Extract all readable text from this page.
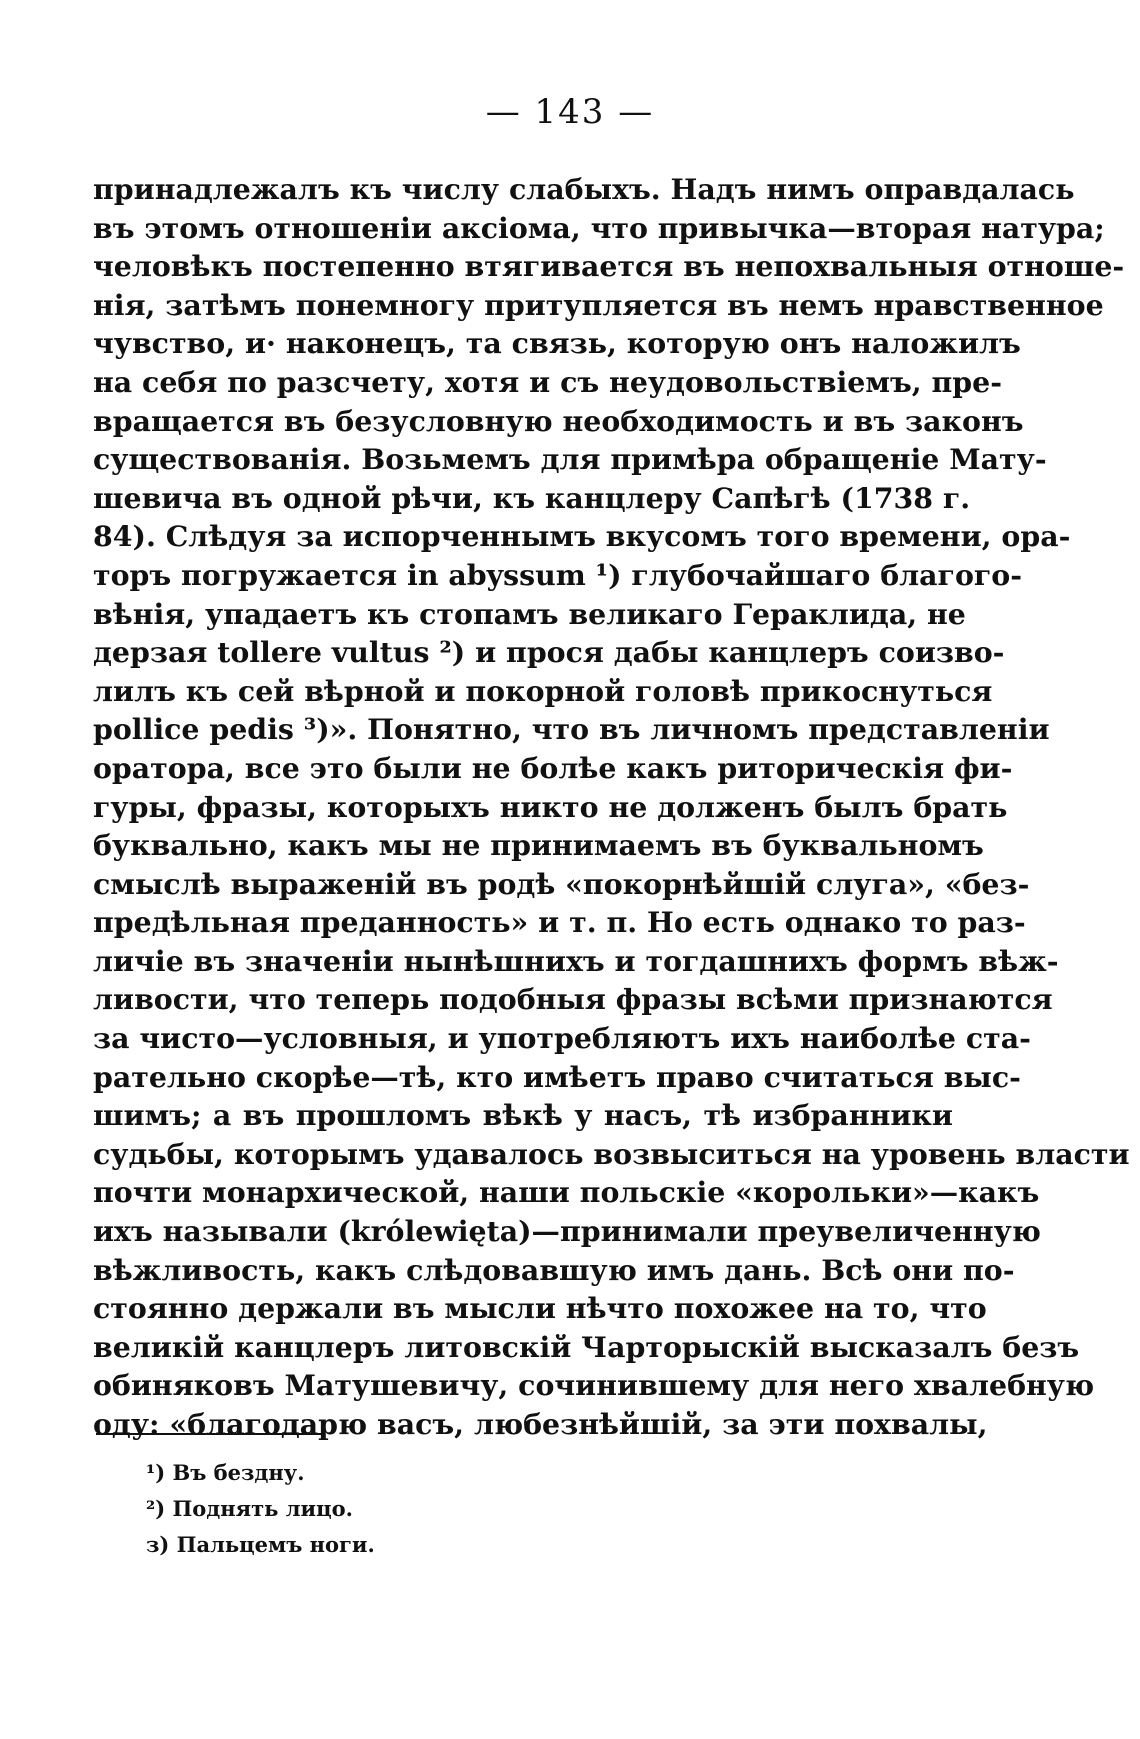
— 143 —
принадлежалъ къ числу слабыхъ. Надъ нимъ оправдалась
въ этомъ отношеніи аксіома, что привычка—вторая натура;
человѣкъ постепенно втягивается въ непохвальныя отноше-
нія, затѣмъ понемногу притупляется въ немъ нравственное
чувство, и· наконецъ, та связь, которую онъ наложилъ
на себя по разсчету, хотя и съ неудовольствіемъ, пре-
вращается въ безусловную необходимость и въ законъ
существованія. Возьмемъ для примѣра обращеніе Мату-
шевича въ одной рѣчи, къ канцлеру Сапѣгѣ (1738 г.
84). Слѣдуя за испорченнымъ вкусомъ того времени, ора-
торъ погружается in abyssum ¹) глубочайшаго благого-
вѣнія, упадаетъ къ стопамъ великаго Гераклида, не
дерзая tollere vultus ²) и прося дабы канцлеръ соизво-
лилъ къ сей вѣрной и покорной головѣ прикоснуться
pollice pedis ³)». Понятно, что въ личномъ представленіи
оратора, все это были не болѣе какъ риторическія фи-
гуры, фразы, которыхъ никто не долженъ былъ брать
буквально, какъ мы не принимаемъ въ буквальномъ
смыслѣ выраженій въ родѣ «покорнѣйшій слуга», «без-
предѣльная преданность» и т. п. Но есть однако то раз-
личіе въ значеніи нынѣшнихъ и тогдашнихъ формъ вѣж-
ливости, что теперь подобныя фразы всѣми признаются
за чисто—условныя, и употребляютъ ихъ наиболѣе ста-
рательно скорѣе—тѣ, кто имѣетъ право считаться выс-
шимъ; а въ прошломъ вѣкѣ у насъ, тѣ избранники
судьбы, которымъ удавалось возвыситься на уровень власти
почти монархической, наши польскіе «корольки»—какъ
ихъ называли (królewięta)—принимали преувеличенную
вѣжливость, какъ слѣдовавшую имъ дань. Всѣ они по-
стоянно держали въ мысли нѣчто похожее на то, что
великій канцлеръ литовскій Чарторыскій высказалъ безъ
обиняковъ Матушевичу, сочинившему для него хвалебную
оду: «благодарю васъ, любезнѣйшій, за эти похвалы,
¹) Въ бездну.
²) Поднять лицо.
з) Пальцемъ ноги.
